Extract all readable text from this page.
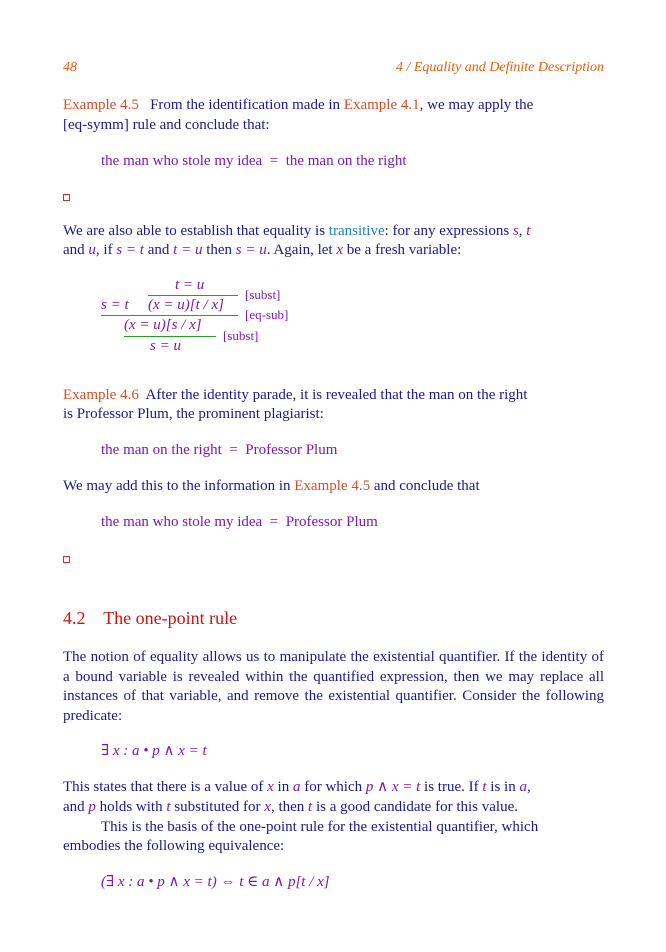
48	4 / Equality and Definite Description
Example 4.5 From the identification made in Example 4.1, we may apply the
[eq-symm] rule and conclude that:
the man who stole my idea = the man on the right
We are also able to establish that equality is transitive: for any expressions s, t
and u, if s = t and t = u then s = u. Again, let x be a fresh variable:
t = u
[subst]
s = t (x = u)[t / x]
[eq-sub]
(x = u)[s / x]
[subst]
s = u
Example 4.6 After the identity parade, it is revealed that the man on the right
is Professor Plum, the prominent plagiarist:
the man on the right = Professor Plum
We may add this to the information in Example 4.5 and conclude that
the man who stole my idea = Professor Plum
4.2 The one-point rule
The notion of equality allows us to manipulate the existential quantifier. If the identity of a bound variable is revealed within the quantified expression, then we may replace all instances of that variable, and remove the existential quantifier. Consider the following predicate:
∃ x : a • p ∧ x = t
This states that there is a value of x in a for which p ∧ x = t is true. If t is in a,
and p holds with t substituted for x, then t is a good candidate for this value.
This is the basis of the one-point rule for the existential quantifier, which
embodies the following equivalence:
(∃ x : a • p ∧ x = t) ⇔ t ∈ a ∧ p[t / x]
